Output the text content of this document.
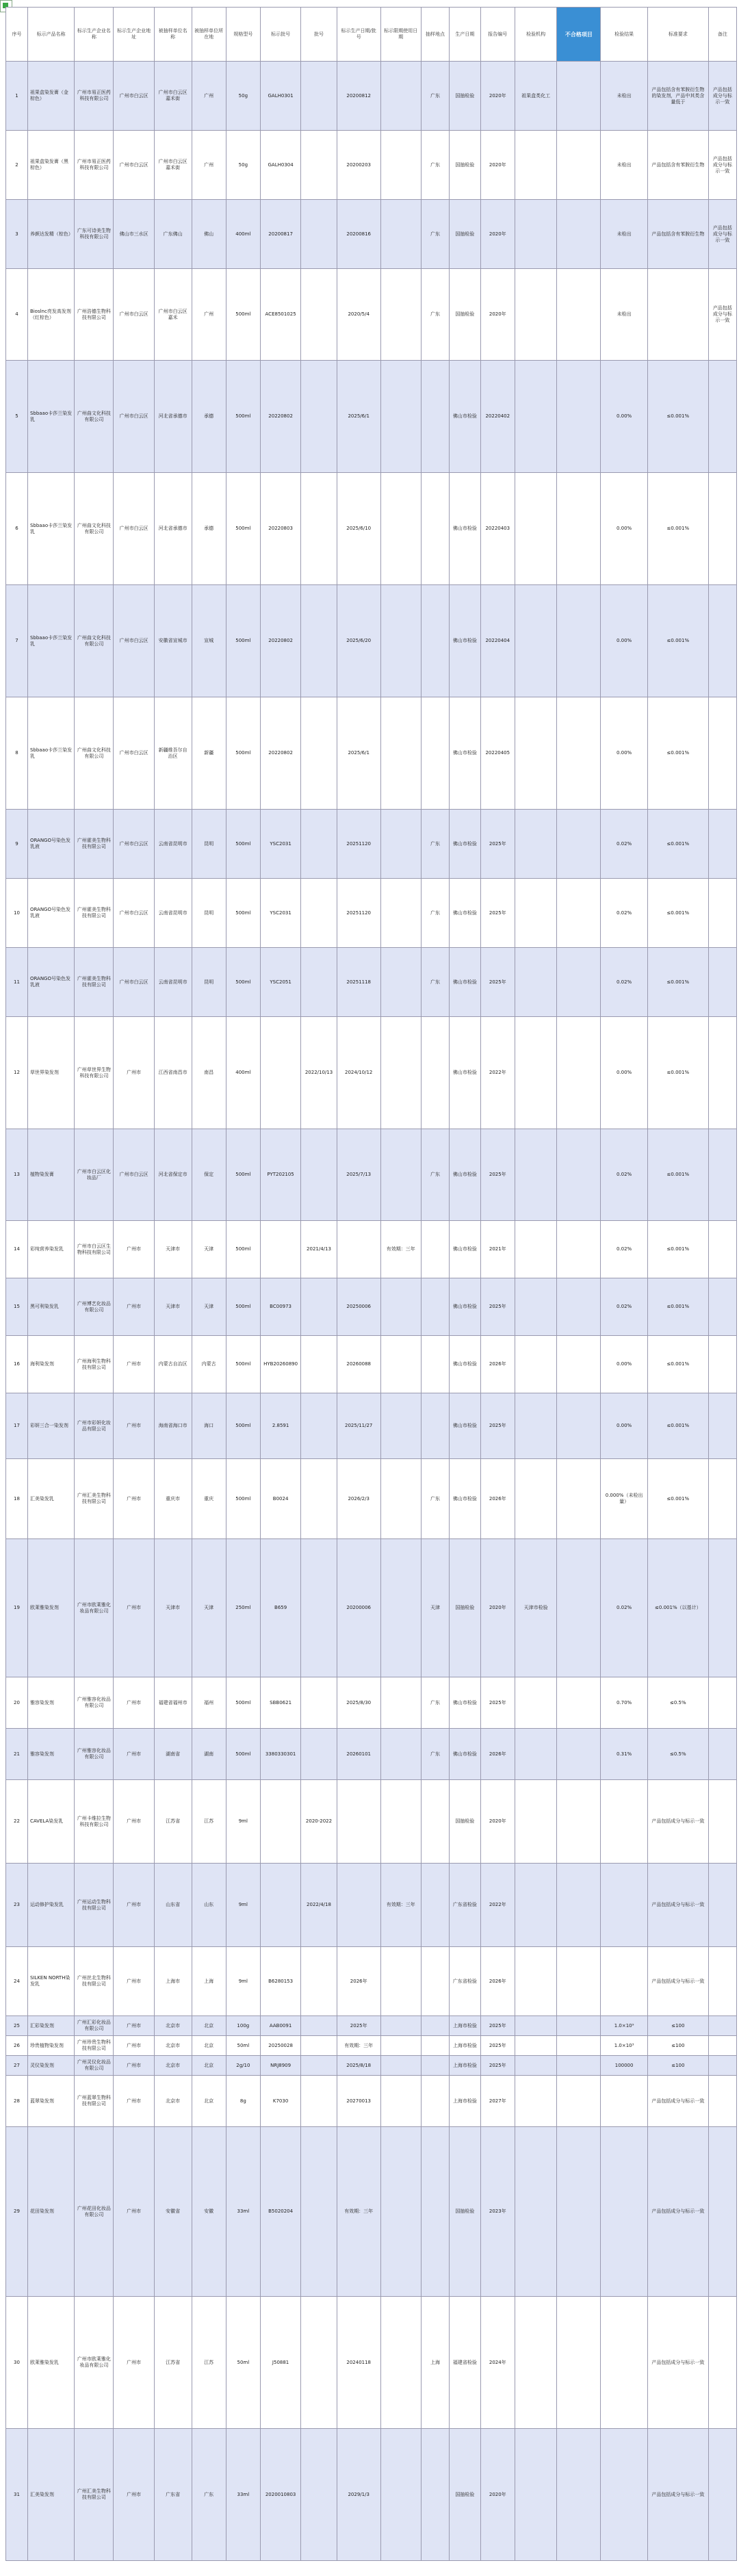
序号	标示产品名称	标示生产企业名称	标示生产企业地址	被抽样单位名称	被抽样单位所在地	规格型号	标示批号	批号	标示生产日期/批号	标示限期使用日期	抽样地点	生产日期	报告编号	检验机构	不合格项目	检验结果	标准要求	备注
1	祖果盒染发膏（金棕色）	广州市易正医药科技有限公司	广州市白云区	广州市白云区嘉禾街	广州	50g	GALH0301		20200812		广东	国抽检验	2020年	祖果盒类化工		未检出	产品包括含有苯胺衍生物的染发剂，产品中其类含量低于	产品包括成分与标示一致
2	祖果盒染发膏（黑棕色）	广州市易正医药科技有限公司	广州市白云区	广州市白云区嘉禾街	广州	50g	GALH0304		20200203		广东	国抽检验	2020年			未检出	产品包括含有苯胺衍生物	产品包括成分与标示一致
3	养颜达发精（棕色）	广东可诗美生物科技有限公司	佛山市三水区	广东佛山	佛山	400ml	20200817		20200816		广东	国抽检验	2020年			未检出	产品包括含有苯胺衍生物	产品包括成分与标示一致
4	Bioslnc亮发高发剂（红棕色）	广州浩德生物科技有限公司	广州市白云区	广州市白云区嘉禾	广州	500ml	ACE8501025		2020/5/4		广东	国抽检验	2020年			未检出		产品包括成分与标示一致
5	Sbbaao卡莎兰染发乳	广州曲文化科技有限公司	广州市白云区	河北省承德市	承德	500ml	20220802		2025/6/1			佛山市检验	20220402			0.00%	≤0.001%	
6	Sbbaao卡莎兰染发乳	广州曲文化科技有限公司	广州市白云区	河北省承德市	承德	500ml	20220803		2025/6/10			佛山市检验	20220403			0.00%	≤0.001%	
7	Sbbaao卡莎兰染发乳	广州曲文化科技有限公司	广州市白云区	安徽省宣城市	宣城	500ml	20220802		2025/6/20			佛山市检验	20220404			0.00%	≤0.001%	
8	Sbbaao卡莎兰染发乳	广州曲文化科技有限公司	广州市白云区	新疆维吾尔自治区	新疆	500ml	20220802		2025/6/1			佛山市检验	20220405			0.00%	≤0.001%	
9	ORANGO号染色发乳液	广州霍美生物科技有限公司	广州市白云区	云南省昆明市	昆明	500ml	YSC2031		20251120		广东	佛山市检验	2025年			0.02%	≤0.001%	
10	ORANGO号染色发乳液	广州霍美生物科技有限公司	广州市白云区	云南省昆明市	昆明	500ml	YSC2031		20251120		广东	佛山市检验	2025年			0.02%	≤0.001%	
11	ORANGO号染色发乳液	广州霍美生物科技有限公司	广州市白云区	云南省昆明市	昆明	500ml	YSC2051		20251118		广东	佛山市检验	2025年			0.02%	≤0.001%	
12	草世界染发剂	广州草世界生物科技有限公司	广州市	江西省南昌市	南昌	400ml		2022/10/13	2024/10/12			佛山市检验	2022年			0.00%	≤0.001%	
13	植物染发膏	广州市白云区化妆品厂	广州市白云区	河北省保定市	保定	500ml	PYT202105		2025/7/13		广东	佛山市检验	2025年			0.02%	≤0.001%	
14	彩纯营养染发乳	广州市白云区生物科技有限公司	广州市	天津市	天津	500ml		2021/4/13		有效期：三年		佛山市检验	2021年			0.02%	≤0.001%	
15	黑可利染发乳	广州博艺化妆品有限公司	广州市	天津市	天津	500ml	BC00973		20250006			佛山市检验	2025年			0.02%	≤0.001%	
16	海利染发剂	广州海利生物科技有限公司	广州市	内蒙古自治区	内蒙古	500ml	HYB20260890		20260088			佛山市检验	2026年			0.00%	≤0.001%	
17	彩妍三合一染发剂	广州市彩妍化妆品有限公司	广州市	海南省海口市	海口	500ml	2.8591		2025/11/27			佛山市检验	2025年			0.00%	≤0.001%	
18	汇美染发乳	广州汇美生物科技有限公司	广州市	重庆市	重庆	500ml	B0024		2026/2/3		广东	佛山市检验	2026年			0.000%（未检出量）	≤0.001%	
19	欧莱雅染发剂	广州市欧莱雅化妆品有限公司	广州市	天津市	天津	250ml	B659		20200006		天津	国抽检验	2020年	天津市检验		0.02%	≤0.001%（以基计）	
20	雅容染发剂	广州雅容化妆品有限公司	广州市	福建省福州市	福州	500ml	SBB0621		2025/8/30		广东	佛山市检验	2025年			0.70%	≤0.5%	
21	雅容染发剂	广州雅容化妆品有限公司	广州市	湖南省	湖南	500ml	3380330301		20260101		广东	佛山市检验	2026年			0.31%	≤0.5%	
22	CAVELA染发乳	广州卡维拉生物科技有限公司	广州市	江苏省	江苏	9ml		2020-2022				国抽检验	2020年				产品包括成分与标示一致	
23	运动修护染发乳	广州运动生物科技有限公司	广州市	山东省	山东	9ml		2022/4/18		有效期：三年		广东省检验	2022年				产品包括成分与标示一致	
24	SILKEN NORTH染发乳	广州丝北生物科技有限公司	广州市	上海市	上海	9ml	B6280153		2026年			广东省检验	2026年				产品包括成分与标示一致	
25	汇彩染发剂	广州汇彩化妆品有限公司	广州市	北京市	北京	100g	AAB0091		2025年			上海市检验	2025年			1.0×10⁹	≤100	
26	珍贵植物染发剂	广州珍贵生物科技有限公司	广州市	北京市	北京	50ml	20250028		有效期：三年			上海市检验	2025年			1.0×10³	≤100	
27	灵仪染发剂	广州灵仪化妆品有限公司	广州市	北京市	北京	2g/10	NRJ8909		2025/8/18			上海市检验	2025年			100000	≤100	
28	蓝翠染发剂	广州蓝翠生物科技有限公司	广州市	北京市	北京	8g	K7030		20270013			上海市检验	2027年				产品包括成分与标示一致	
29	花田染发剂	广州花田化妆品有限公司	广州市	安徽省	安徽	33ml	B5020204		有效期：三年			国抽检验	2023年				产品包括成分与标示一致	
30	欧莱雅染发乳	广州市欧莱雅化妆品有限公司	广州市	江苏省	江苏	50ml	J50881		20240118		上海	福建省检验	2024年				产品包括成分与标示一致	
31	汇美染发剂	广州汇美生物科技有限公司	广州市	广东省	广东	33ml	2020010803		2029/1/3			国抽检验	2020年				产品包括成分与标示一致	
